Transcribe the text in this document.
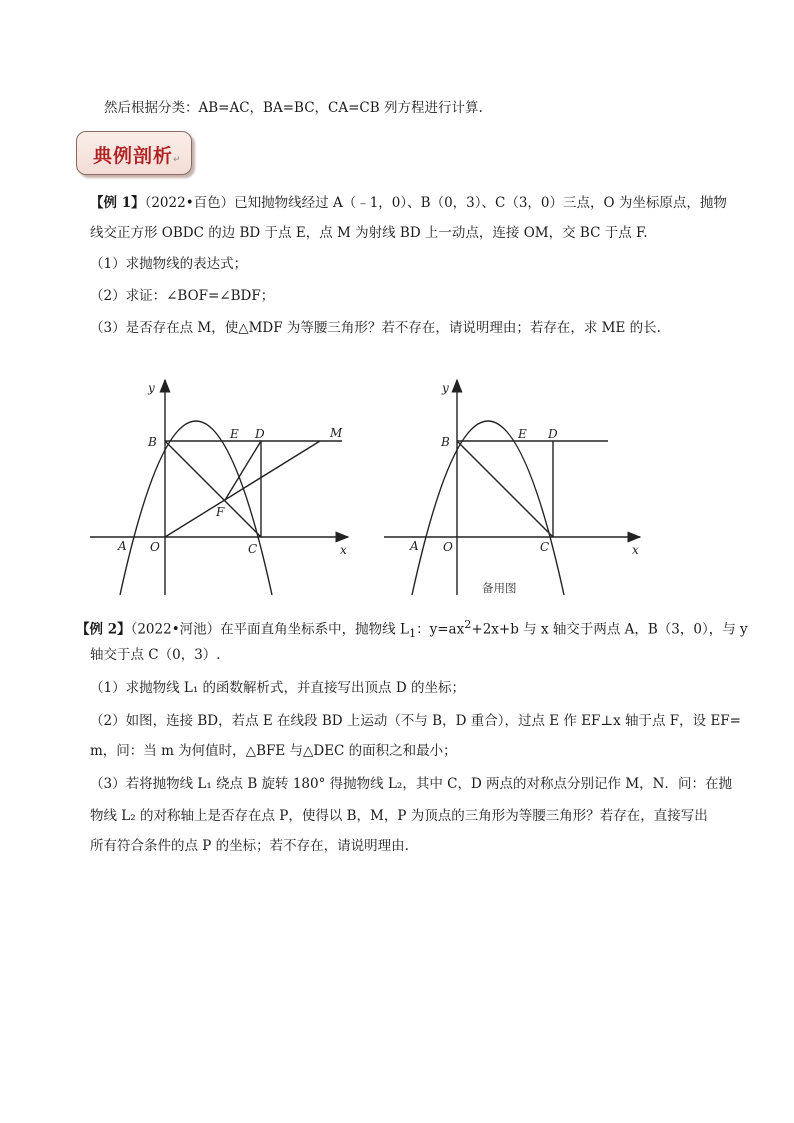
然后根据分类：AB=AC，BA=BC，CA=CB 列方程进行计算.
典例剖析↵
【例 1】（2022•百色）已知抛物线经过 A（﹣1，0）、B（0，3）、C（3，0）三点，O 为坐标原点，抛物
线交正方形 OBDC 的边 BD 于点 E，点 M 为射线 BD 上一动点，连接 OM，交 BC 于点 F.
（1）求抛物线的表达式；
（2）求证：∠BOF=∠BDF；
（3）是否存在点 M，使△MDF 为等腰三角形？若不存在，请说明理由；若存在，求 ME 的长.
y
x
A O	C
B
E D	M
F
y
x
A O	C
B
E D
备用图
【例 2】（2022•河池）在平面直角坐标系中，抛物线 $L_1$：$y=ax^2+2x+b$ 与 x 轴交于两点 A，B（3，0），与 y
轴交于点 C（0，3）.
（1）求抛物线 L₁ 的函数解析式，并直接写出顶点 D 的坐标；
（2）如图，连接 BD，若点 E 在线段 BD 上运动（不与 B，D 重合），过点 E 作 EF⊥x 轴于点 F，设 EF=
m，问：当 m 为何值时，△BFE 与△DEC 的面积之和最小；
（3）若将抛物线 L₁ 绕点 B 旋转 180° 得抛物线 L₂，其中 C，D 两点的对称点分别记作 M，N．问：在抛
物线 L₂ 的对称轴上是否存在点 P，使得以 B，M，P 为顶点的三角形为等腰三角形？若存在，直接写出
所有符合条件的点 P 的坐标；若不存在，请说明理由.
